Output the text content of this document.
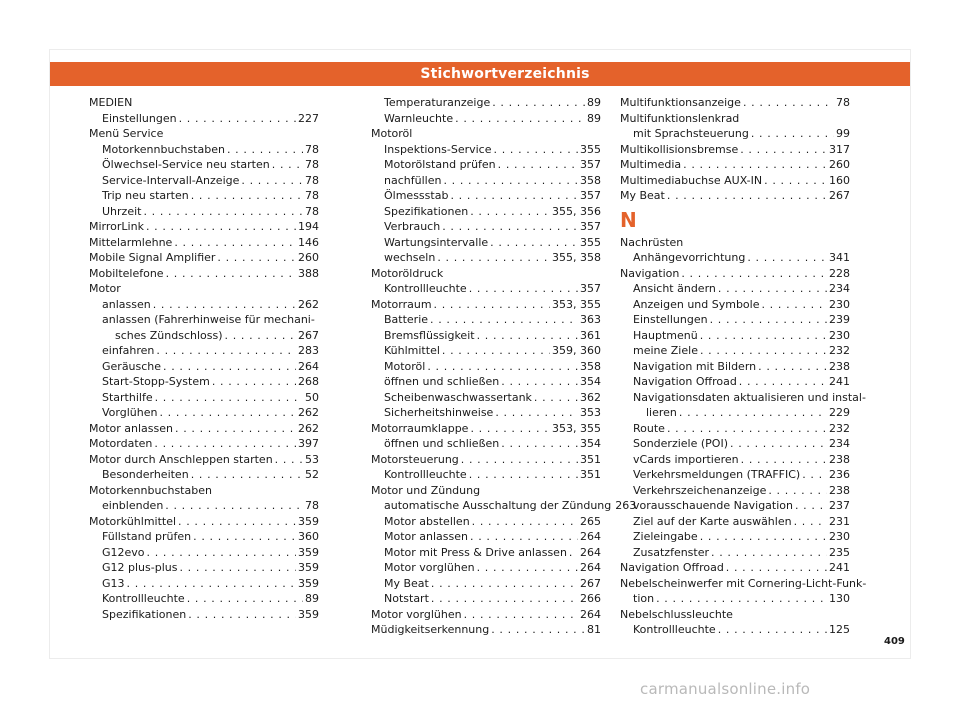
Stichwortverzeichnis
MEDIEN
Einstellungen . . .	227
Menü Service
Motorkennbuchstaben . . .	78
Ölwechsel-Service neu starten . . .	78
Service-Intervall-Anzeige . . .	78
Trip neu starten . . .	78
Uhrzeit . . .	78
MirrorLink . . .	194
Mittelarmlehne . . .	146
Mobile Signal Amplifier . . .	260
Mobiltelefone . . .	388
Motor
anlassen . . .	262
anlassen (Fahrerhinweise für mechani-
sches Zündschloss) . . .	267
einfahren . . .	283
Geräusche . . .	264
Start-Stopp-System . . .	268
Starthilfe . . .	50
Vorglühen . . .	262
Motor anlassen . . .	262
Motordaten . . .	397
Motor durch Anschleppen starten . . .	53
Besonderheiten . . .	52
Motorkennbuchstaben
einblenden . . .	78
Motorkühlmittel . . .	359
Füllstand prüfen . . .	360
G12evo . . .	359
G12 plus-plus . . .	359
G13 . . .	359
Kontrollleuchte . . .	89
Spezifikationen . . .	359
Temperaturanzeige . . .	89
Warnleuchte . . .	89
Motoröl
Inspektions-Service . . .	355
Motorölstand prüfen . . .	357
nachfüllen . . .	358
Ölmessstab . . .	357
Spezifikationen . . .	355, 356
Verbrauch . . .	357
Wartungsintervalle . . .	355
wechseln . . .	355, 358
Motoröldruck
Kontrollleuchte . . .	357
Motorraum . . .	353, 355
Batterie . . .	363
Bremsflüssigkeit . . .	361
Kühlmittel . . .	359, 360
Motoröl . . .	358
öffnen und schließen . . .	354
Scheibenwaschwassertank . . .	362
Sicherheitshinweise . . .	353
Motorraumklappe . . .	353, 355
öffnen und schließen . . .	354
Motorsteuerung . . .	351
Kontrollleuchte . . .	351
Motor und Zündung
automatische Ausschaltung der Zündung 263
Motor abstellen . . .	265
Motor anlassen . . .	264
Motor mit Press & Drive anlassen . . . 264
Motor vorglühen . . .	264
My Beat . . .	267
Notstart . . .	266
Motor vorglühen . . .	264
Müdigkeitserkennung . . .	81
Multifunktionsanzeige . . .	78
Multifunktionslenkrad
mit Sprachsteuerung . . .	99
Multikollisionsbremse . . .	317
Multimedia . . .	260
Multimediabuchse AUX-IN . . .	160
My Beat . . .	267
N
Nachrüsten
Anhängevorrichtung . . .	341
Navigation . . .	228
Ansicht ändern . . .	234
Anzeigen und Symbole . . .	230
Einstellungen . . .	239
Hauptmenü . . .	230
meine Ziele . . .	232
Navigation mit Bildern . . .	238
Navigation Offroad . . .	241
Navigationsdaten aktualisieren und instal-
lieren . . .	229
Route . . .	232
Sonderziele (POI) . . .	234
vCards importieren . . .	238
Verkehrsmeldungen (TRAFFIC) . . .	236
Verkehrszeichenanzeige . . .	238
vorausschauende Navigation . . .	237
Ziel auf der Karte auswählen . . .	231
Zieleingabe . . .	230
Zusatzfenster . . .	235
Navigation Offroad . . .	241
Nebelscheinwerfer mit Cornering-Licht-Funk-
tion . . .	130
Nebelschlussleuchte
Kontrollleuchte . . .	125
409
carmanualsonline.info
